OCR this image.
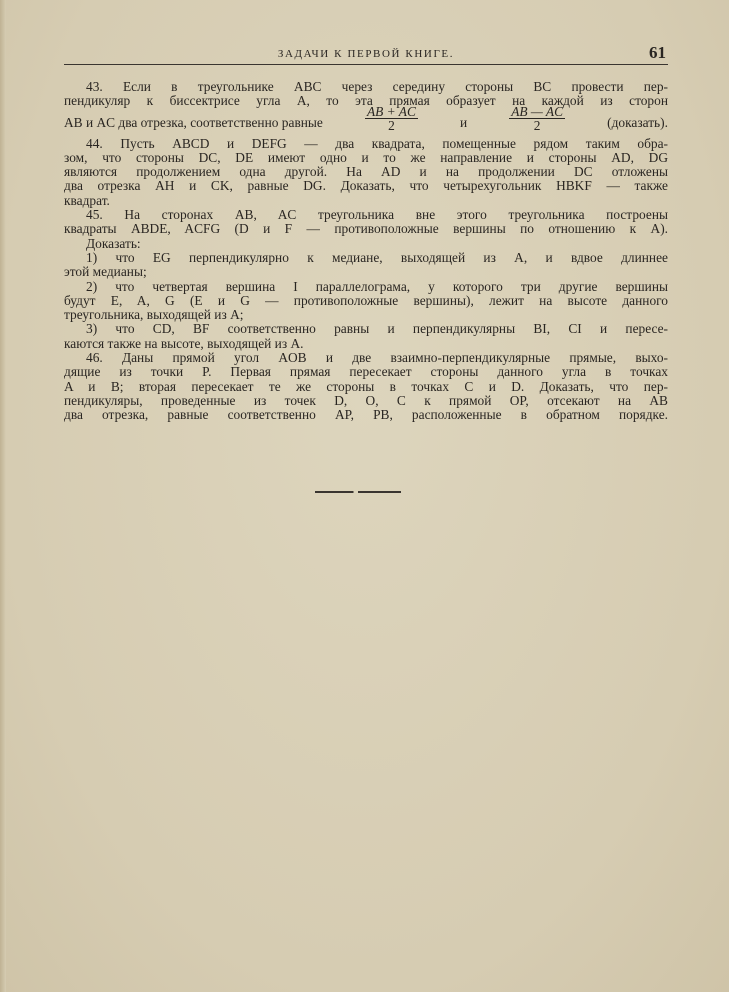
ЗАДАЧИ К ПЕРВОЙ КНИГЕ.	61
43. Если в треугольнике ABC через середину стороны BC провести пер-
пендикуляр к биссектрисе угла A, то эта прямая образует на каждой из сторон
AB и AC два отрезка, соответственно равные	$\frac{AB + AC}{2}$	и	$\frac{AB — AC}{2}$	(доказать).
44. Пусть ABCD и DEFG — два квадрата, помещенные рядом таким обра-
зом, что стороны DC, DE имеют одно и то же направление и стороны AD, DG
являются продолжением одна другой. На AD и на продолжении DC отложены
два отрезка AH и CK, равные DG. Доказать, что четырехугольник HBKF — также
квадрат.
45. На сторонах AB, AC треугольника вне этого треугольника построены
квадраты ABDE, ACFG (D и F — противоположные вершины по отношению к A).
Доказать:
1) что EG перпендикулярно к медиане, выходящей из A, и вдвое длиннее
этой медианы;
2) что четвертая вершина I параллелограма, у которого три другие вершины
будут E, A, G (E и G — противоположные вершины), лежит на высоте данного
треугольника, выходящей из A;
3) что CD, BF соответственно равны и перпендикулярны BI, CI и пересе-
каются также на высоте, выходящей из A.
46. Даны прямой угол AOB и две взаимно-перпендикулярные прямые, выхо-
дящие из точки P. Первая прямая пересекает стороны данного угла в точках
A и B; вторая пересекает те же стороны в точках C и D. Доказать, что пер-
пендикуляры, проведенные из точек D, O, C к прямой OP, отсекают на AB
два отрезка, равные соответственно AP, PB, расположенные в обратном порядке.
